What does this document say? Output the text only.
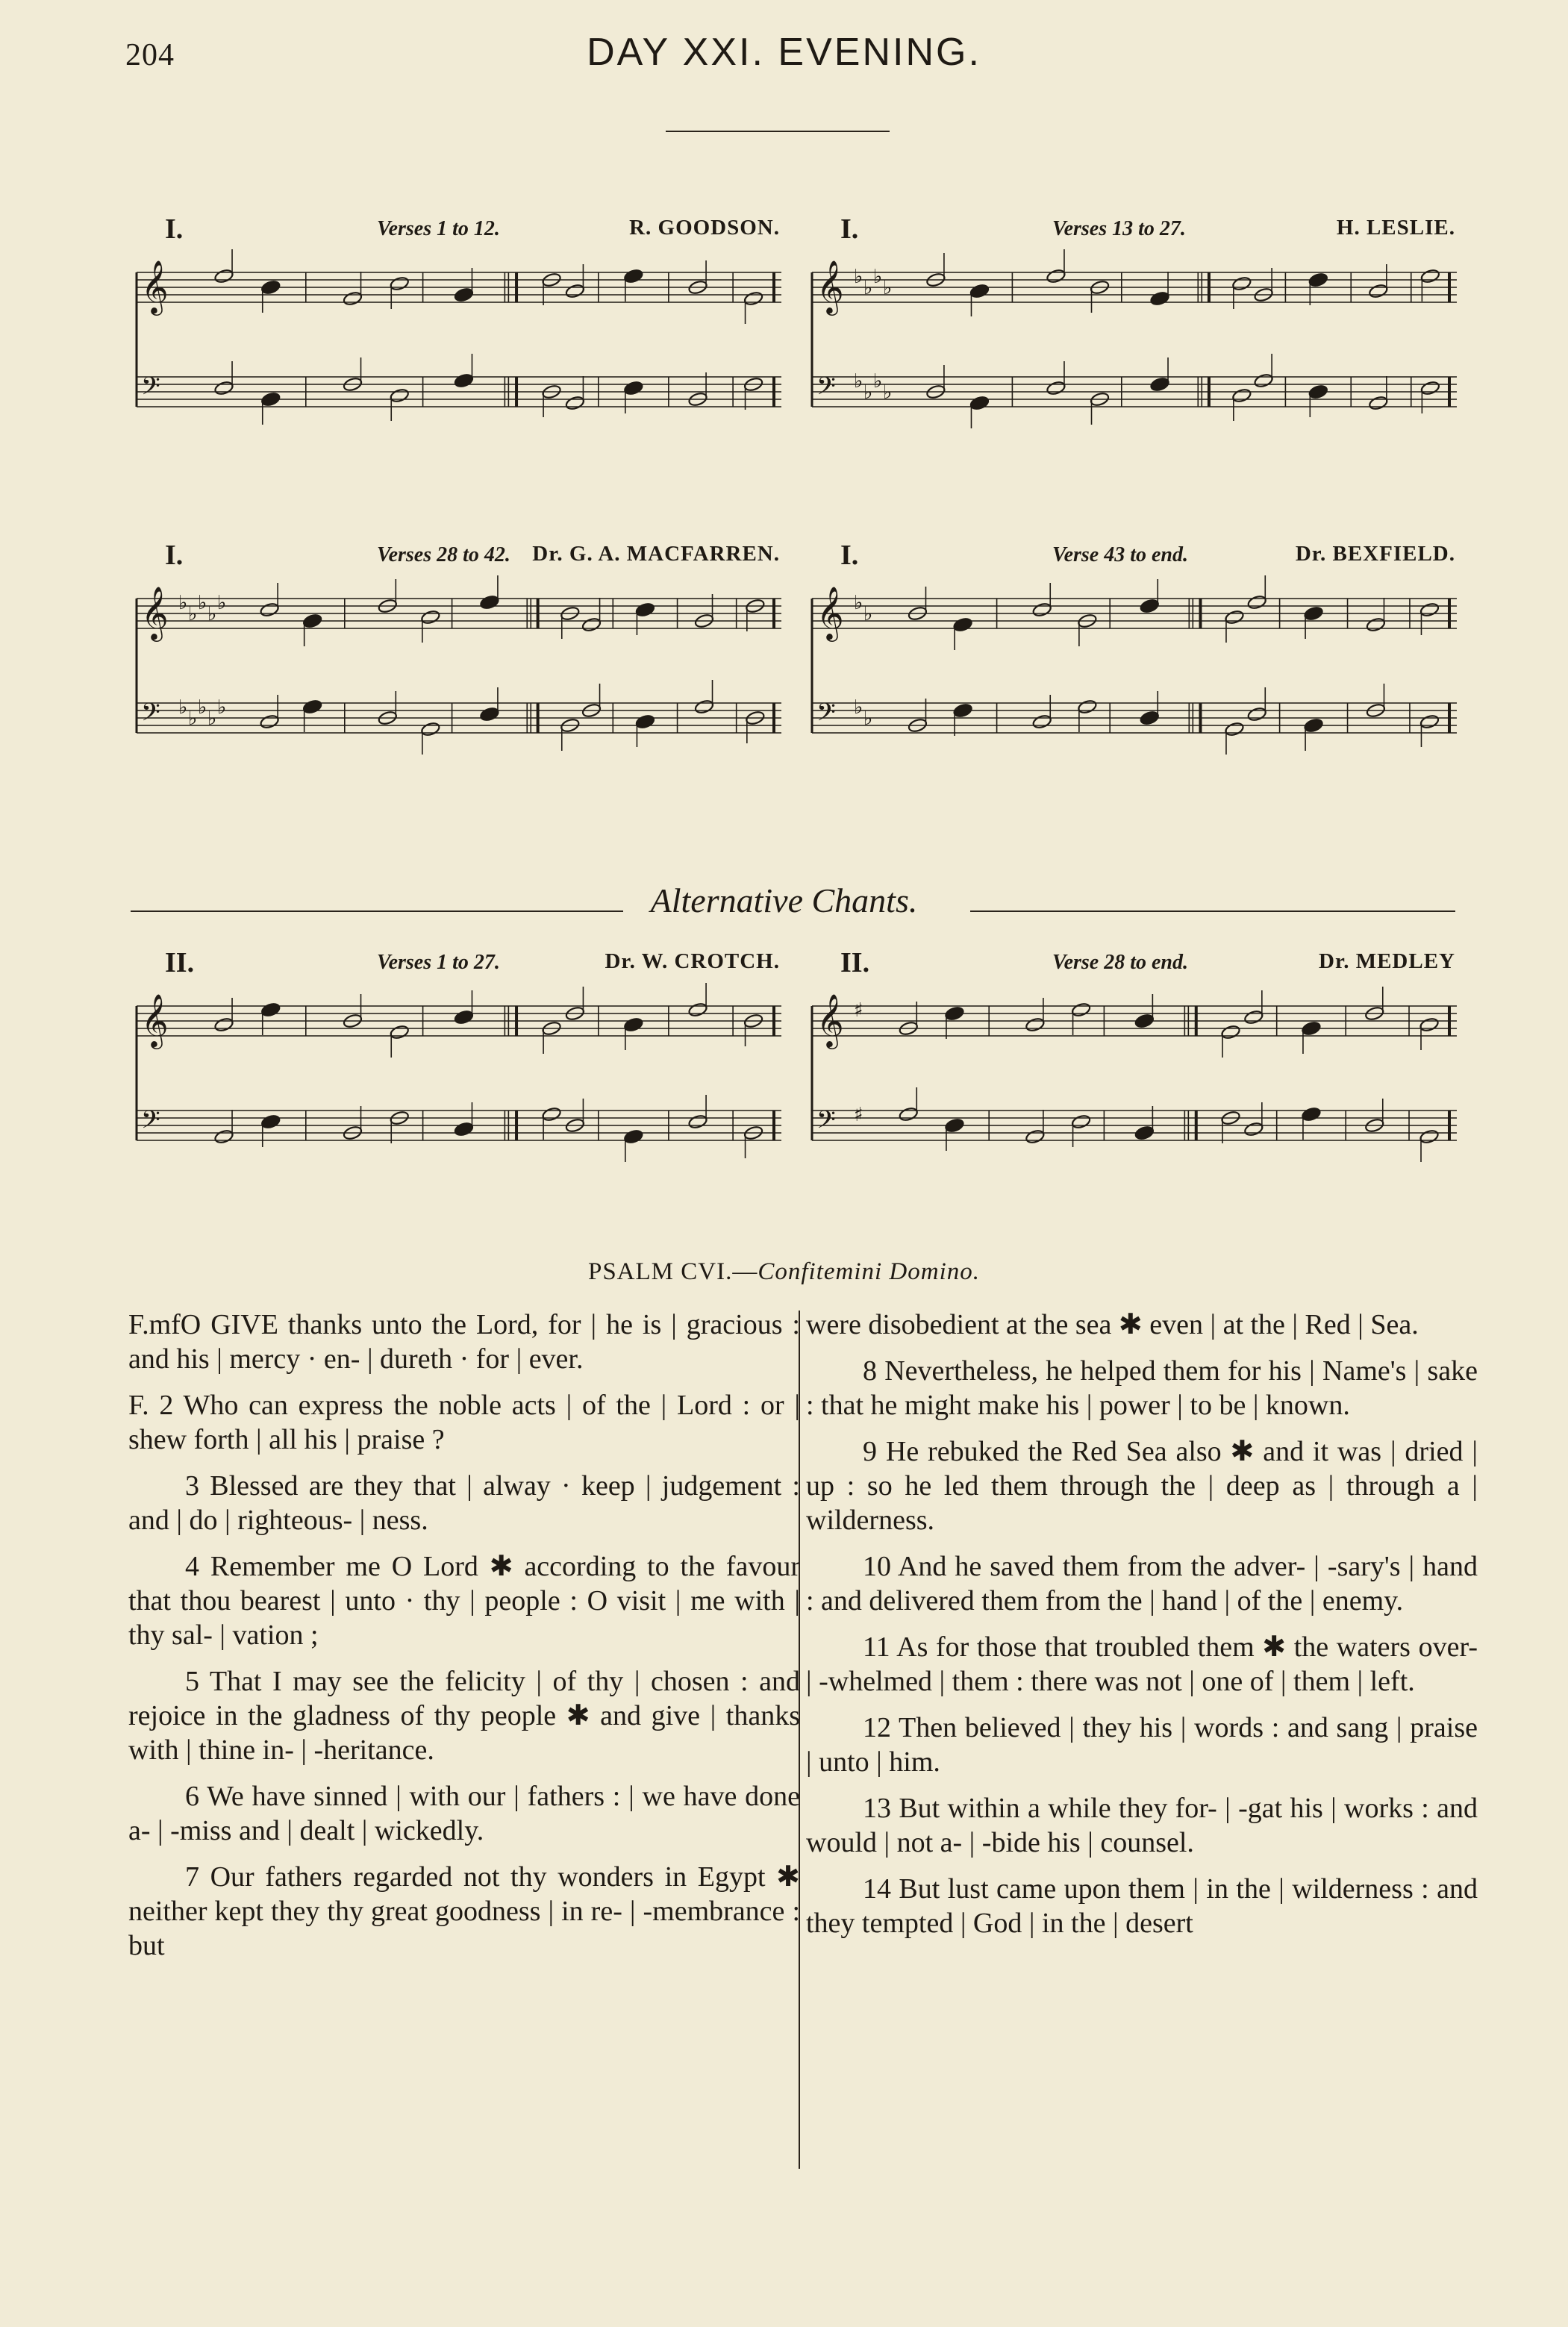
204	DAY XXI. EVENING.
I.	Verses 1 to 12.	R. GOODSON.
𝄞
𝄢
I.	Verses 13 to 27.	H. LESLIE.
𝄞 ♭ ♭ ♭ ♭
𝄢 ♭ ♭ ♭ ♭
I.	Verses 28 to 42. Dr. G. A. MACFARREN.
𝄞 ♭ ♭ ♭ ♭ ♭
𝄢 ♭ ♭ ♭ ♭ ♭
I.	Verse 43 to end.	Dr. BEXFIELD.
𝄞 ♭ ♭
𝄢 ♭ ♭
Alternative Chants.
II.	Verses 1 to 27.	Dr. W. CROTCH.
𝄞
𝄢
II.	Verse 28 to end.	Dr. MEDLEY
𝄞 ♯
𝄢 ♯
PSALM CVI.—Confitemini Domino.

F.mfO GIVE thanks unto the Lord, for | he is | gracious : and his | mercy · en- | dureth · for | ever.

F. 2 Who can express the noble acts | of the | Lord : or | shew forth | all his | praise ?

3 Blessed are they that | alway · keep | judgement : and | do | righteous- | ness.

4 Remember me O Lord ✱ according to the favour that thou bearest | unto · thy | people : O visit | me with | thy sal- | vation ;

5 That I may see the felicity | of thy | chosen : and rejoice in the gladness of thy people ✱ and give | thanks with | thine in- | -heritance.

6 We have sinned | with our | fathers : | we have done a- | -miss and | dealt | wickedly.

7 Our fathers regarded not thy wonders in Egypt ✱ neither kept they thy great goodness | in re- | -membrance : but

were disobedient at the sea ✱ even | at the | Red | Sea.

8 Nevertheless, he helped them for his | Name's | sake : that he might make his | power | to be | known.

9 He rebuked the Red Sea also ✱ and it was | dried | up : so he led them through the | deep as | through a | wilderness.

10 And he saved them from the adver- | -sary's | hand : and delivered them from the | hand | of the | enemy.

11 As for those that troubled them ✱ the waters over- | -whelmed | them : there was not | one of | them | left.

12 Then believed | they his | words : and sang | praise | unto | him.

13 But within a while they for- | -gat his | works : and would | not a- | -bide his | counsel.

14 But lust came upon them | in the | wilderness : and they tempted | God | in the | desert
